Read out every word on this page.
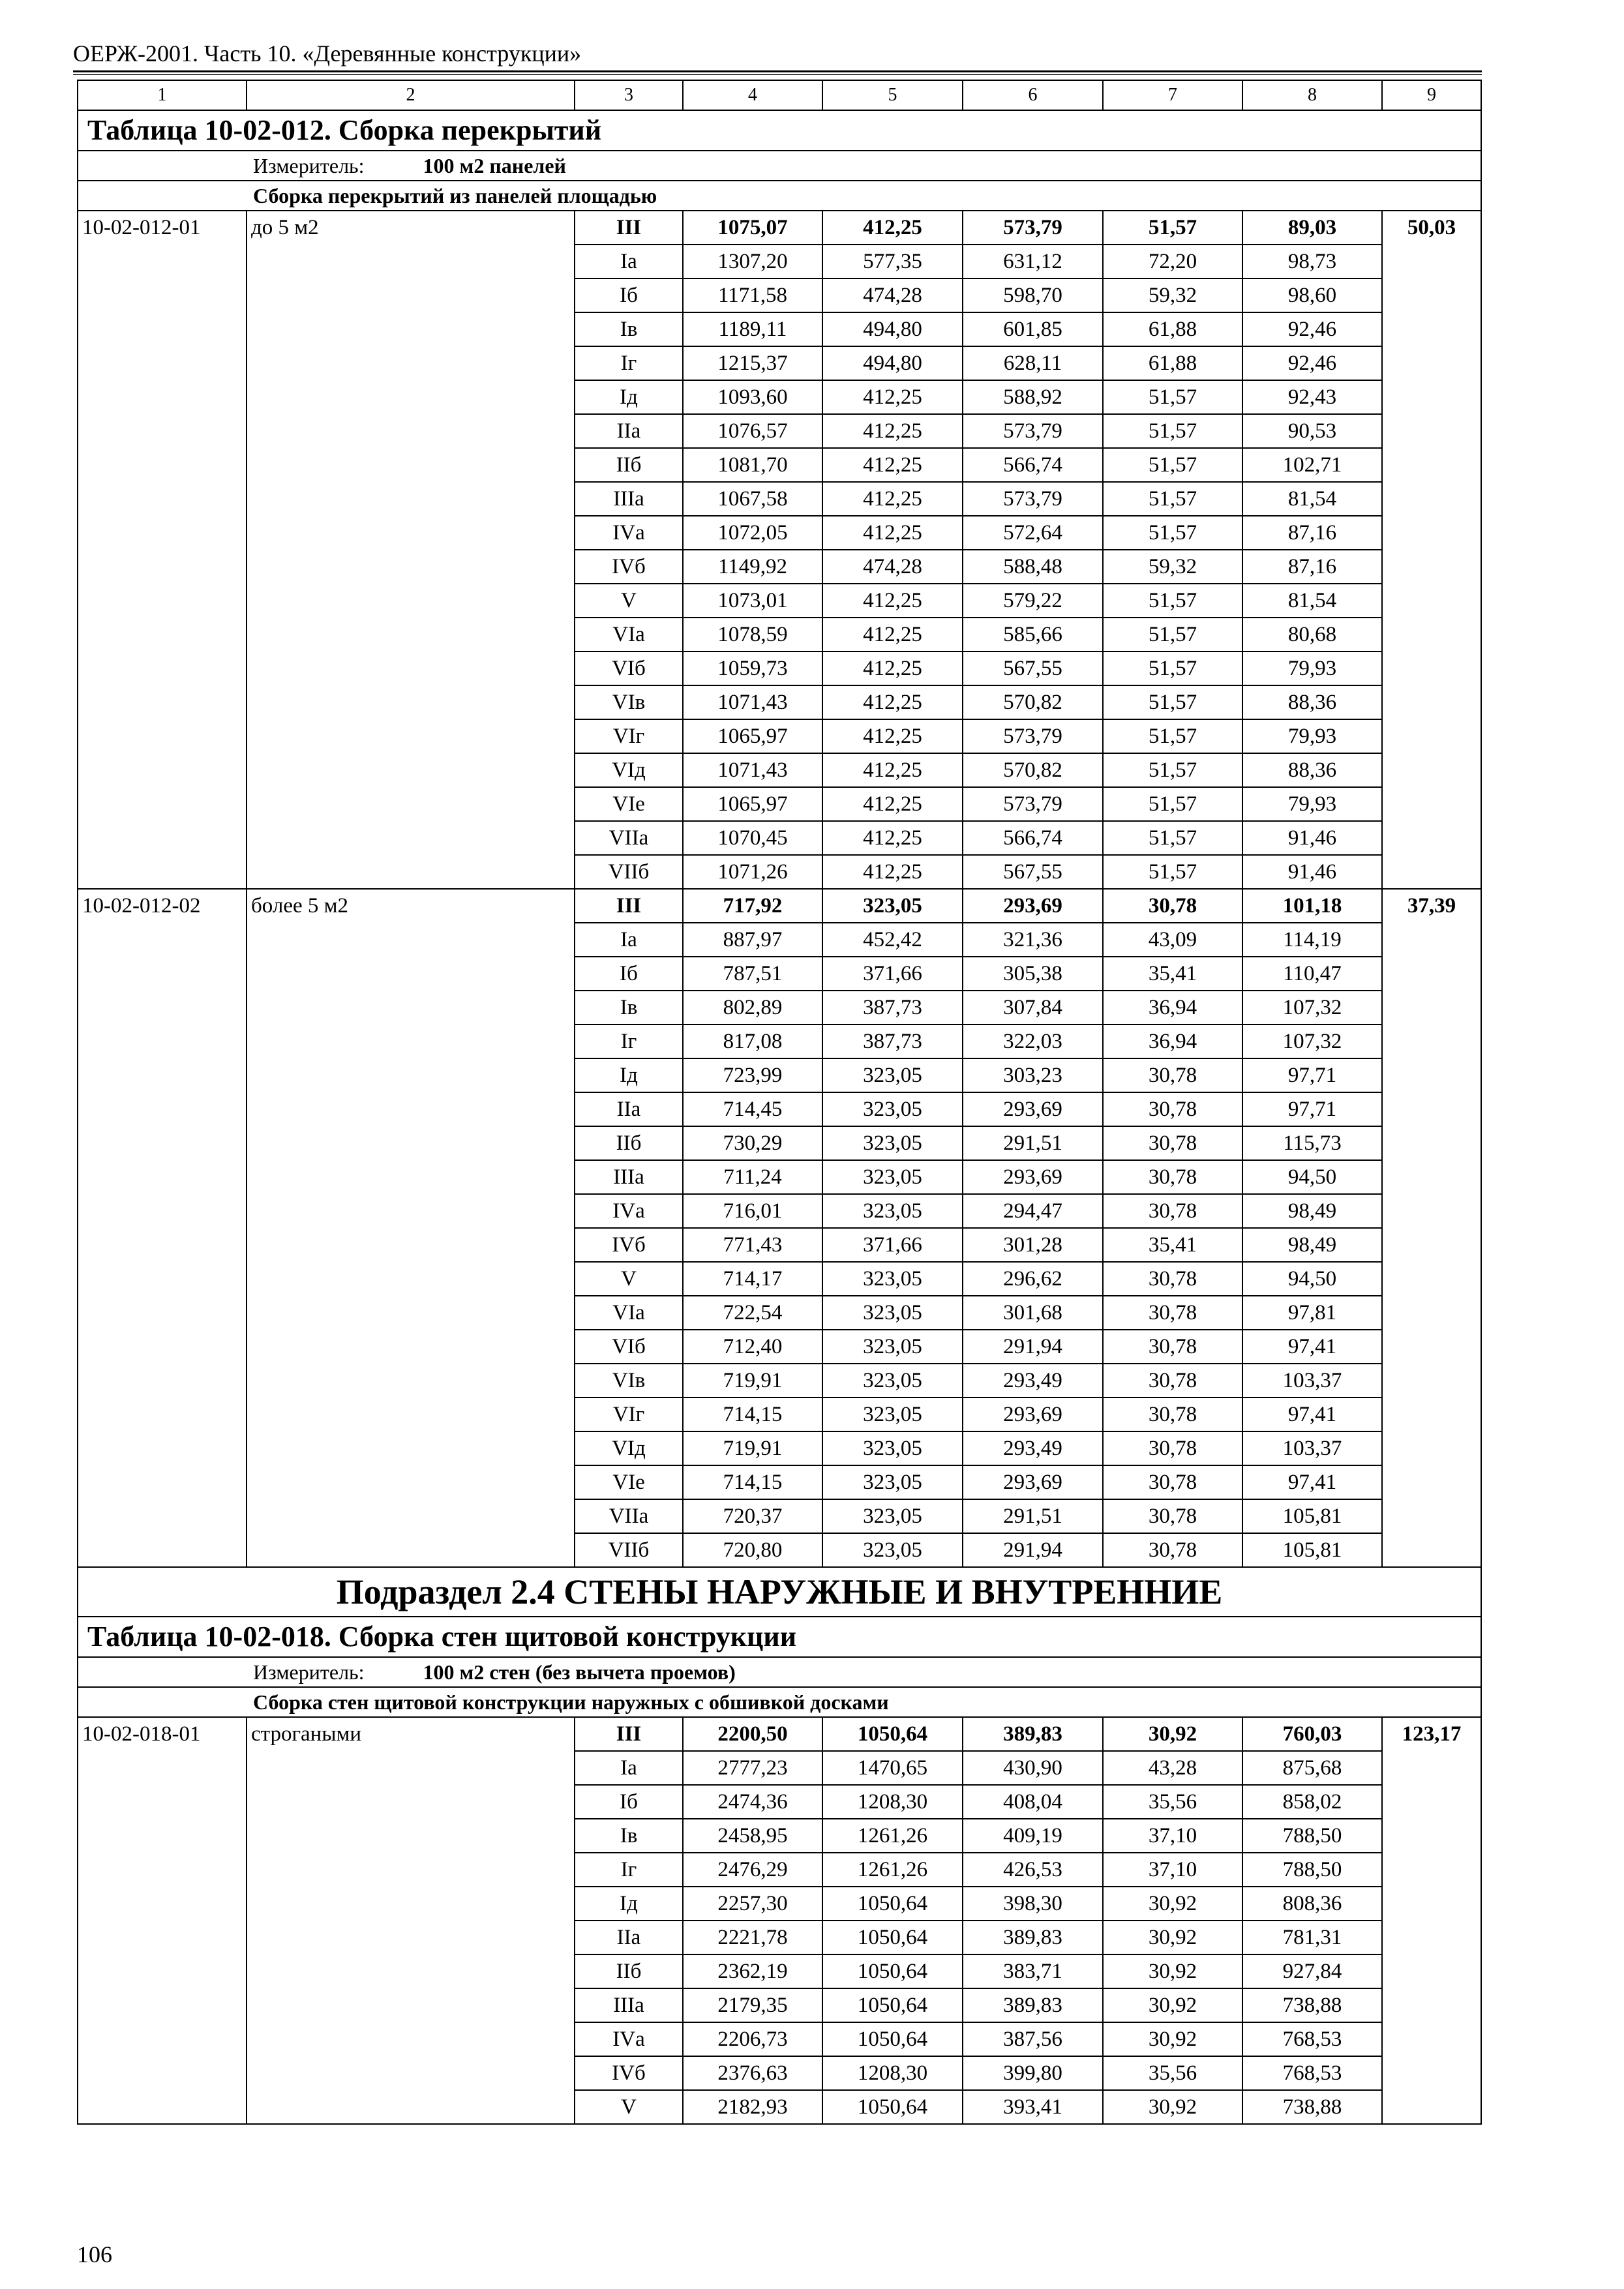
ОЕРЖ-2001. Часть 10. «Деревянные конструкции»
1	2	3	4	5	6	7	8	9
Таблица 10-02-012. Сборка перекрытий								
Измеритель: 100 м2 панелей								
Сборка перекрытий из панелей площадью								
10-02-012-01	до 5 м2	III	1075,07	412,25	573,79	51,57	89,03	50,03
		Iа	1307,20	577,35	631,12	72,20	98,73	
		Iб	1171,58	474,28	598,70	59,32	98,60	
		Iв	1189,11	494,80	601,85	61,88	92,46	
		Iг	1215,37	494,80	628,11	61,88	92,46	
		Iд	1093,60	412,25	588,92	51,57	92,43	
		IIа	1076,57	412,25	573,79	51,57	90,53	
		IIб	1081,70	412,25	566,74	51,57	102,71	
		IIIа	1067,58	412,25	573,79	51,57	81,54	
		IVа	1072,05	412,25	572,64	51,57	87,16	
		IVб	1149,92	474,28	588,48	59,32	87,16	
		V	1073,01	412,25	579,22	51,57	81,54	
		VIа	1078,59	412,25	585,66	51,57	80,68	
		VIб	1059,73	412,25	567,55	51,57	79,93	
		VIв	1071,43	412,25	570,82	51,57	88,36	
		VIг	1065,97	412,25	573,79	51,57	79,93	
		VIд	1071,43	412,25	570,82	51,57	88,36	
		VIе	1065,97	412,25	573,79	51,57	79,93	
		VIIа	1070,45	412,25	566,74	51,57	91,46	
		VIIб	1071,26	412,25	567,55	51,57	91,46	
10-02-012-02	более 5 м2	III	717,92	323,05	293,69	30,78	101,18	37,39
		Iа	887,97	452,42	321,36	43,09	114,19	
		Iб	787,51	371,66	305,38	35,41	110,47	
		Iв	802,89	387,73	307,84	36,94	107,32	
		Iг	817,08	387,73	322,03	36,94	107,32	
		Iд	723,99	323,05	303,23	30,78	97,71	
		IIа	714,45	323,05	293,69	30,78	97,71	
		IIб	730,29	323,05	291,51	30,78	115,73	
		IIIа	711,24	323,05	293,69	30,78	94,50	
		IVа	716,01	323,05	294,47	30,78	98,49	
		IVб	771,43	371,66	301,28	35,41	98,49	
		V	714,17	323,05	296,62	30,78	94,50	
		VIа	722,54	323,05	301,68	30,78	97,81	
		VIб	712,40	323,05	291,94	30,78	97,41	
		VIв	719,91	323,05	293,49	30,78	103,37	
		VIг	714,15	323,05	293,69	30,78	97,41	
		VIд	719,91	323,05	293,49	30,78	103,37	
		VIе	714,15	323,05	293,69	30,78	97,41	
		VIIа	720,37	323,05	291,51	30,78	105,81	
		VIIб	720,80	323,05	291,94	30,78	105,81	
Подраздел 2.4 СТЕНЫ НАРУЖНЫЕ И ВНУТРЕННИЕ								
Таблица 10-02-018. Сборка стен щитовой конструкции								
Измеритель: 100 м2 стен (без вычета проемов)								
Сборка стен щитовой конструкции наружных с обшивкой досками								
10-02-018-01	строгаными	III	2200,50	1050,64	389,83	30,92	760,03	123,17
		Iа	2777,23	1470,65	430,90	43,28	875,68	
		Iб	2474,36	1208,30	408,04	35,56	858,02	
		Iв	2458,95	1261,26	409,19	37,10	788,50	
		Iг	2476,29	1261,26	426,53	37,10	788,50	
		Iд	2257,30	1050,64	398,30	30,92	808,36	
		IIа	2221,78	1050,64	389,83	30,92	781,31	
		IIб	2362,19	1050,64	383,71	30,92	927,84	
		IIIа	2179,35	1050,64	389,83	30,92	738,88	
		IVа	2206,73	1050,64	387,56	30,92	768,53	
		IVб	2376,63	1208,30	399,80	35,56	768,53	
		V	2182,93	1050,64	393,41	30,92	738,88	
106
